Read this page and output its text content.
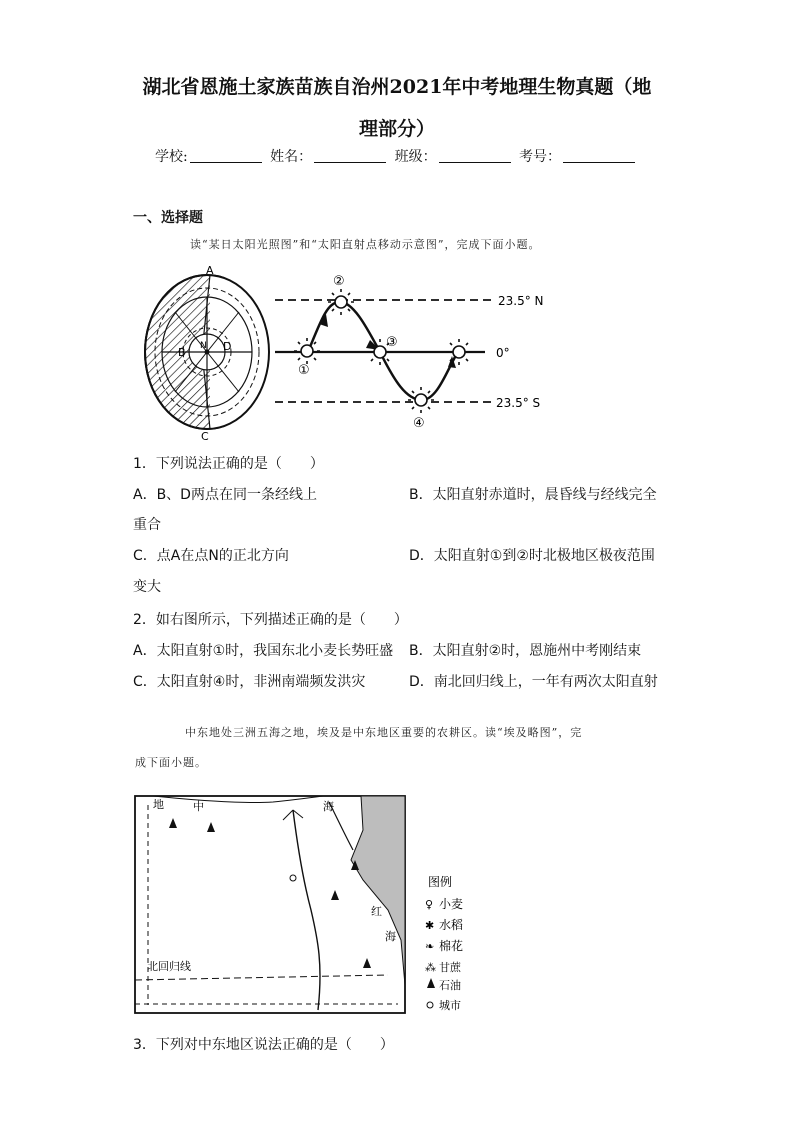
湖北省恩施土家族苗族自治州2021年中考地理生物真题（地
理部分）
学校:	姓名：	班级：	考号：
一、选择题
读“某日太阳光照图”和“太阳直射点移动示意图”，完成下面小题。
A
B
C
D
N
②
①
③
④
23.5° N
0°
23.5° S
1．下列说法正确的是（　　）
A．B、D两点在同一条经线上	B．太阳直射赤道时，晨昏线与经线完全
重合
C．点A在点N的正北方向	D．太阳直射①到②时北极地区极夜范围
变大
2．如右图所示，下列描述正确的是（　　）
A．太阳直射①时，我国东北小麦长势旺盛 B．太阳直射②时，恩施州中考刚结束
C．太阳直射④时，非洲南端频发洪灾	D．南北回归线上，一年有两次太阳直射
中东地处三洲五海之地，埃及是中东地区重要的农耕区。读“埃及略图”，完
成下面小题。
地	中	海
红
海
北回归线
图例
♀ 小麦
✱ 水稻
❧ 棉花
⁂ 甘蔗
石油
城市
3．下列对中东地区说法正确的是（　　）
